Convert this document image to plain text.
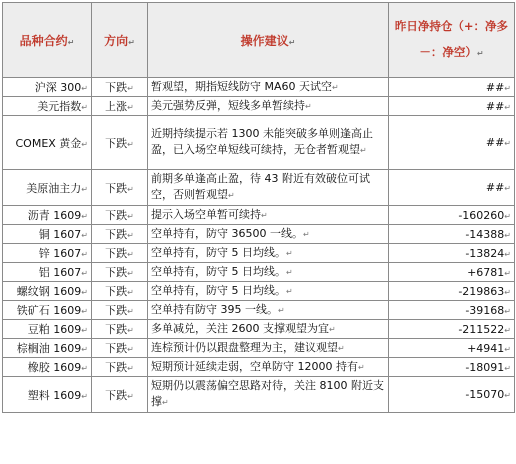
品种合约↵	方向↵	操作建议↵	昨日净持仓（+：净多－：净空）↵
沪深 300↵	下跌↵	暂观望，期指短线防守 MA60 天试空↵	##↵
美元指数↵	上涨↵	美元强势反弹，短线多单暂续持↵	##↵
COMEX 黄金↵	下跌↵	近期持续提示若 1300 未能突破多单则逢高止盈，已入场空单短线可续持，无仓者暂观望↵	##↵
美原油主力↵	下跌↵	前期多单逢高止盈，待 43 附近有效破位可试空，否则暂观望↵	##↵
沥青 1609↵	下跌↵	提示入场空单暂可续持↵	-160260↵
铜 1607↵	下跌↵	空单持有，防守 36500 一线。↵	-14388↵
锌 1607↵	下跌↵	空单持有，防守 5 日均线。↵	-13824↵
铝 1607↵	下跌↵	空单持有，防守 5 日均线。↵	+6781↵
螺纹钢 1609↵	下跌↵	空单持有，防守 5 日均线。↵	-219863↵
铁矿石 1609↵	下跌↵	空单持有防守 395 一线。↵	-39168↵
豆粕 1609↵	下跌↵	多单减兑，关注 2600 支撑观望为宜↵	-211522↵
棕榈油 1609↵	下跌↵	连棕预计仍以跟盘整理为主，建议观望↵	+4941↵
橡胶 1609↵	下跌↵	短期预计延续走弱，空单防守 12000 持有↵	-18091↵
塑料 1609↵	下跌↵	短期仍以震荡偏空思路对待，关注 8100 附近支撑↵	-15070↵
